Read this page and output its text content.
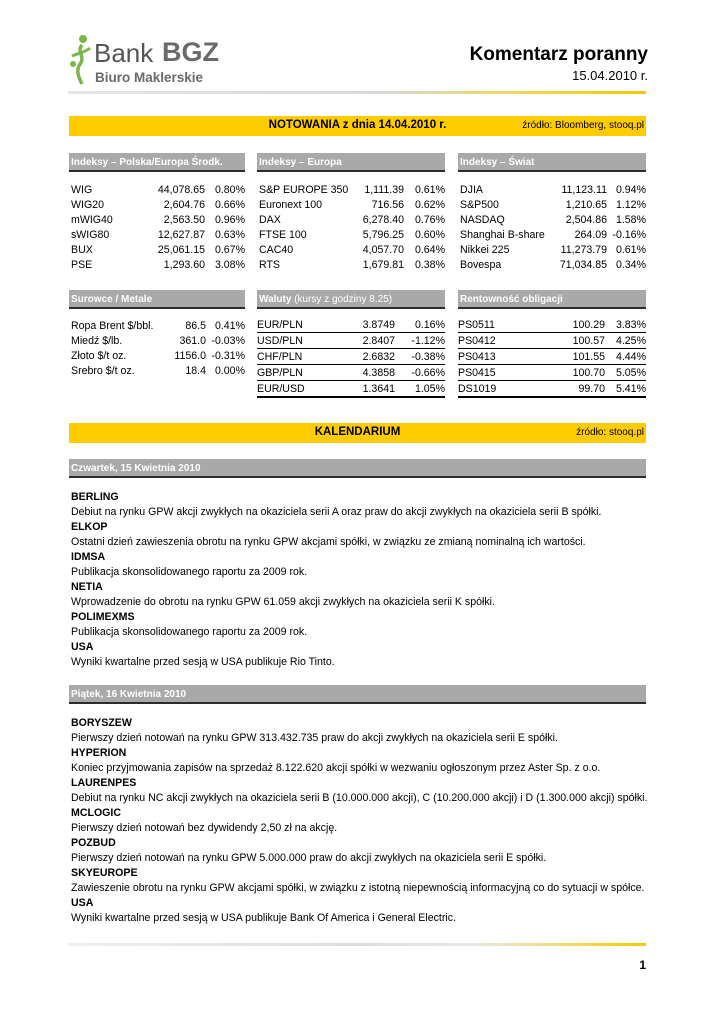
Bank BGZ
Biuro Maklerskie
Komentarz poranny
15.04.2010 r.
NOTOWANIA z dnia 14.04.2010 r.	źródło: Bloomberg, stooq.pl
Indeksy – Polska/Europa Środk.	Indeksy – Europa	Indeksy – Świat
WIG	44,078.65	0.80%
WIG20	2,604.76	0.66%
mWIG40	2,563.50	0.96%
sWIG80	12,627.87	0.63%
BUX	25,061.15	0.67%
PSE	1,293.60	3.08%
S&P EUROPE 350	1,111.39	0.61%
Euronext 100	716.56	0.62%
DAX	6,278.40	0.76%
FTSE 100	5,796.25	0.60%
CAC40	4,057.70	0.64%
RTS	1,679.81	0.38%
DJIA	11,123.11	0.94%
S&P500	1,210.65	1.12%
NASDAQ	2,504.86	1.58%
Shanghai B-share	264.09	-0.16%
Nikkei 225	11,273.79	0.61%
Bovespa	71,034.85	0.34%
Surowce / Metale	Waluty (kursy z godziny 8.25)	Rentowność obligacji
Ropa Brent $/bbl.	86.5	0.41%
Miedź $/lb.	361.0	-0.03%
Złoto $/t oz.	1156.0	-0.31%
Srebro $/t oz.	18.4	0.00%
EUR/PLN	3.8749	0.16%
USD/PLN	2.8407	-1.12%
CHF/PLN	2.6832	-0.38%
GBP/PLN	4.3858	-0.66%
EUR/USD	1.3641	1.05%
PS0511	100.29	3.83%
PS0412	100.57	4.25%
PS0413	101.55	4.44%
PS0415	100.70	5.05%
DS1019	99.70	5.41%
KALENDARIUM	źródło: stooq.pl
Czwartek, 15 Kwietnia 2010
BERLING
Debiut na rynku GPW akcji zwykłych na okaziciela serii A oraz praw do akcji zwykłych na okaziciela serii B spółki.
ELKOP
Ostatni dzień zawieszenia obrotu na rynku GPW akcjami spółki, w związku ze zmianą nominalną ich wartości.
IDMSA
Publikacja skonsolidowanego raportu za 2009 rok.
NETIA
Wprowadzenie do obrotu na rynku GPW 61.059 akcji zwykłych na okaziciela serii K spółki.
POLIMEXMS
Publikacja skonsolidowanego raportu za 2009 rok.
USA
Wyniki kwartalne przed sesją w USA publikuje Rio Tinto.
Piątek, 16 Kwietnia 2010
BORYSZEW
Pierwszy dzień notowań na rynku GPW 313.432.735 praw do akcji zwykłych na okaziciela serii E spółki.
HYPERION
Koniec przyjmowania zapisów na sprzedaż 8.122.620 akcji spółki w wezwaniu ogłoszonym przez Aster Sp. z o.o.
LAURENPES
Debiut na rynku NC akcji zwykłych na okaziciela serii B (10.000.000 akcji), C (10.200.000 akcji) i D (1.300.000 akcji) spółki.
MCLOGIC
Pierwszy dzień notowań bez dywidendy 2,50 zł na akcję.
POZBUD
Pierwszy dzień notowań na rynku GPW 5.000.000 praw do akcji zwykłych na okaziciela serii E spółki.
SKYEUROPE
Zawieszenie obrotu na rynku GPW akcjami spółki, w związku z istotną niepewnością informacyjną co do sytuacji w spółce.
USA
Wyniki kwartalne przed sesją w USA publikuje Bank Of America i General Electric.
1
